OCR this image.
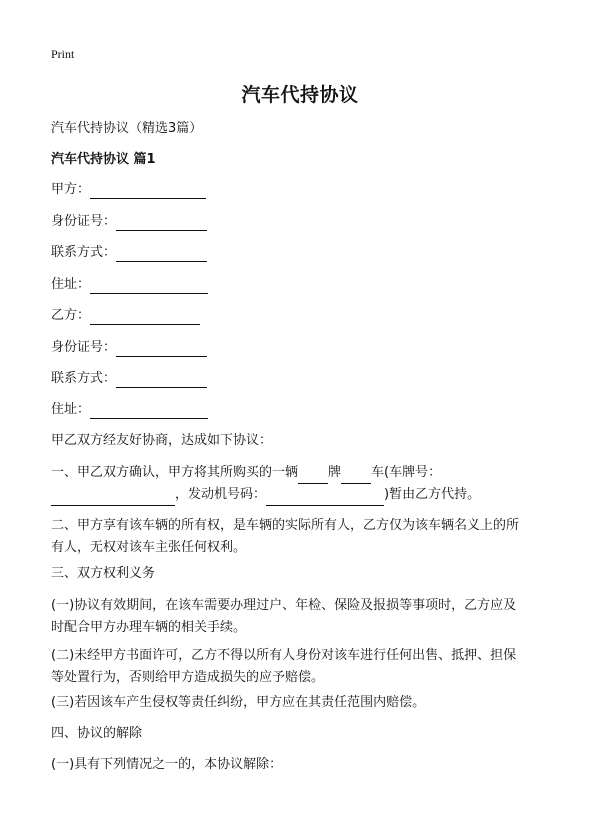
Print
汽车代持协议
汽车代持协议（精选3篇）
汽车代持协议 篇1
甲方：
身份证号：
联系方式：
住址：
乙方：
身份证号：
联系方式：
住址：
甲乙双方经友好协商，达成如下协议：

一、甲乙双方确认，甲方将其所购买的一辆 牌 车(车牌号：

，发动机号码：	)暂由乙方代持。

二、甲方享有该车辆的所有权，是车辆的实际所有人，乙方仅为该车辆名义上的所

有人，无权对该车主张任何权利。

三、双方权利义务

(一)协议有效期间，在该车需要办理过户、年检、保险及报损等事项时，乙方应及

时配合甲方办理车辆的相关手续。

(二)未经甲方书面许可，乙方不得以所有人身份对该车进行任何出售、抵押、担保

等处置行为，否则给甲方造成损失的应予赔偿。

(三)若因该车产生侵权等责任纠纷，甲方应在其责任范围内赔偿。
四、协议的解除
(一)具有下列情况之一的，本协议解除：
